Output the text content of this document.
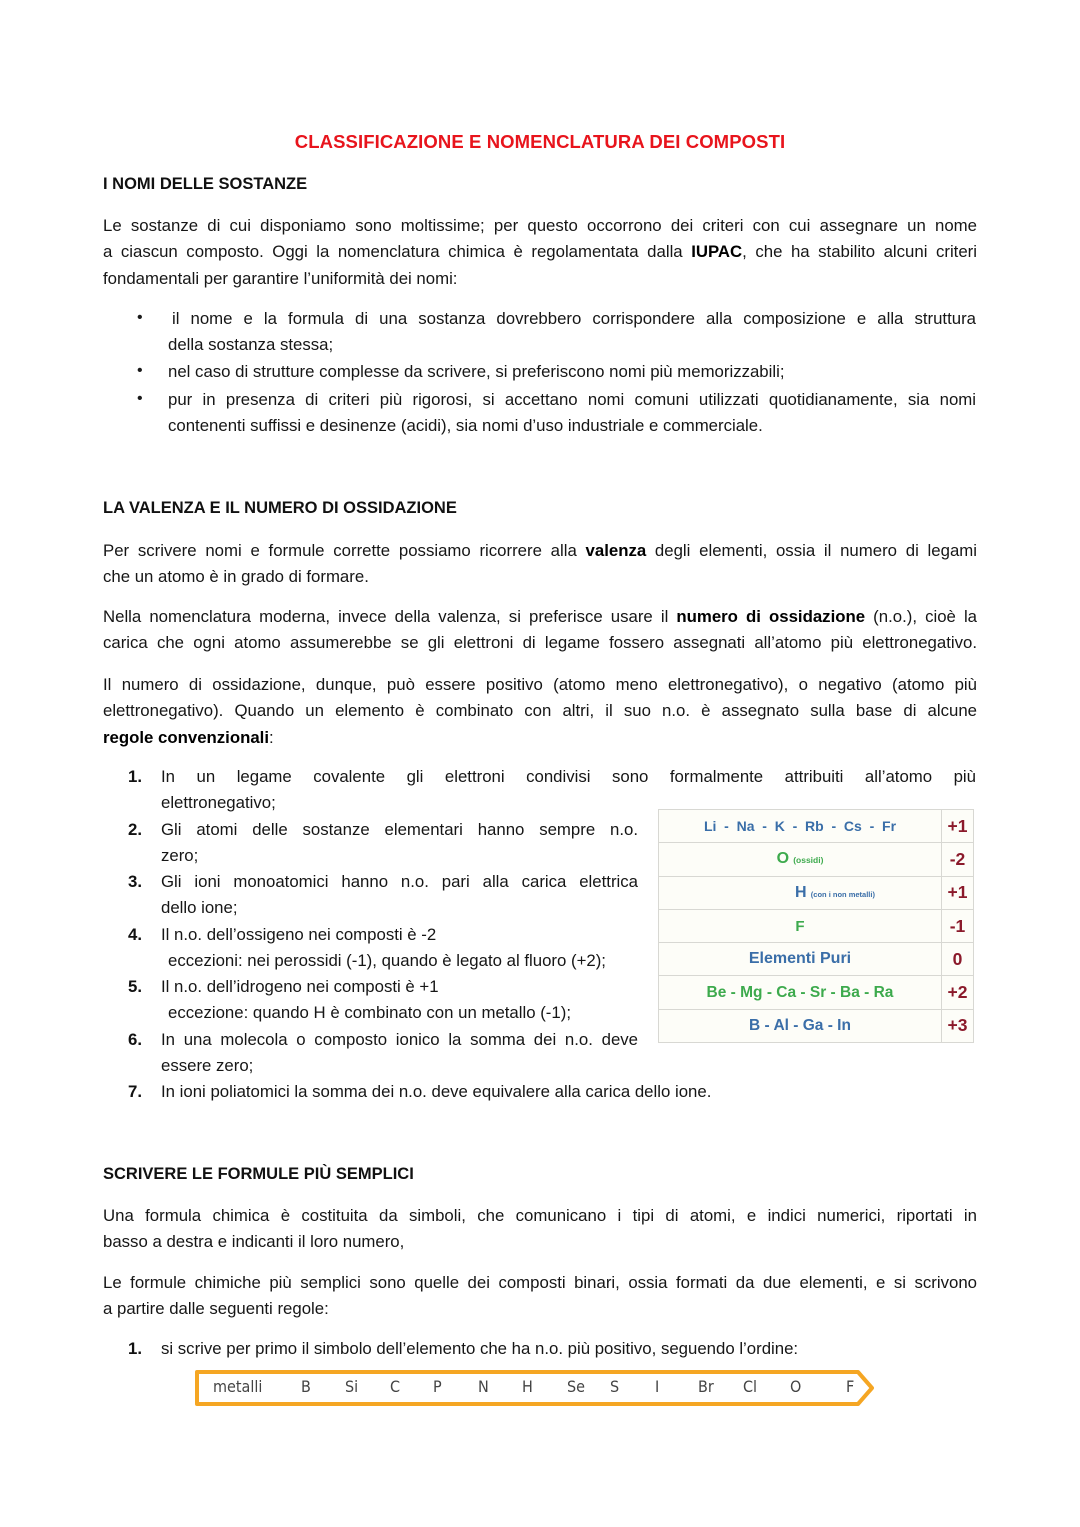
CLASSIFICAZIONE E NOMENCLATURA DEI COMPOSTI
I NOMI DELLE SOSTANZE
Le sostanze di cui disponiamo sono moltissime; per questo occorrono dei criteri con cui assegnare un nome
a ciascun composto. Oggi la nomenclatura chimica è regolamentata dalla IUPAC, che ha stabilito alcuni criteri
fondamentali per garantire l’uniformità dei nomi:
• il nome e la formula di una sostanza dovrebbero corrispondere alla composizione e alla struttura
della sostanza stessa;
• nel caso di strutture complesse da scrivere, si preferiscono nomi più memorizzabili;
• pur in presenza di criteri più rigorosi, si accettano nomi comuni utilizzati quotidianamente, sia nomi
contenenti suffissi e desinenze (acidi), sia nomi d’uso industriale e commerciale.
LA VALENZA E IL NUMERO DI OSSIDAZIONE
Per scrivere nomi e formule corrette possiamo ricorrere alla valenza degli elementi, ossia il numero di legami
che un atomo è in grado di formare.
Nella nomenclatura moderna, invece della valenza, si preferisce usare il numero di ossidazione (n.o.), cioè la
carica che ogni atomo assumerebbe se gli elettroni di legame fossero assegnati all’atomo più elettronegativo.
Il numero di ossidazione, dunque, può essere positivo (atomo meno elettronegativo), o negativo (atomo più
elettronegativo). Quando un elemento è combinato con altri, il suo n.o. è assegnato sulla base di alcune
regole convenzionali:
1. In un legame covalente gli elettroni condivisi sono formalmente attribuiti all’atomo più
elettronegativo;
2. Gli atomi delle sostanze elementari hanno sempre n.o.
zero;
3. Gli ioni monoatomici hanno n.o. pari alla carica elettrica
dello ione;
4. Il n.o. dell’ossigeno nei composti è -2
eccezioni: nei perossidi (-1), quando è legato al fluoro (+2);
5. Il n.o. dell’idrogeno nei composti è +1
eccezione: quando H è combinato con un metallo (-1);
6. In una molecola o composto ionico la somma dei n.o. deve
essere zero;
7. In ioni poliatomici la somma dei n.o. deve equivalere alla carica dello ione.
Li  -  Na  -  K  -  Rb  -  Cs  -  Fr	+1
O (ossidi)	-2
H (con i non metalli)	+1
F	-1
Elementi Puri	0
Be - Mg - Ca - Sr - Ba - Ra	+2
B - Al - Ga - In	+3
SCRIVERE LE FORMULE PIÙ SEMPLICI
Una formula chimica è costituita da simboli, che comunicano i tipi di atomi, e indici numerici, riportati in
basso a destra e indicanti il loro numero,
Le formule chimiche più semplici sono quelle dei composti binari, ossia formati da due elementi, e si scrivono
a partire dalle seguenti regole:
1. si scrive per primo il simbolo dell’elemento che ha n.o. più positivo, seguendo l’ordine:
metalli B Si C P N H Se S I Br Cl O	F
